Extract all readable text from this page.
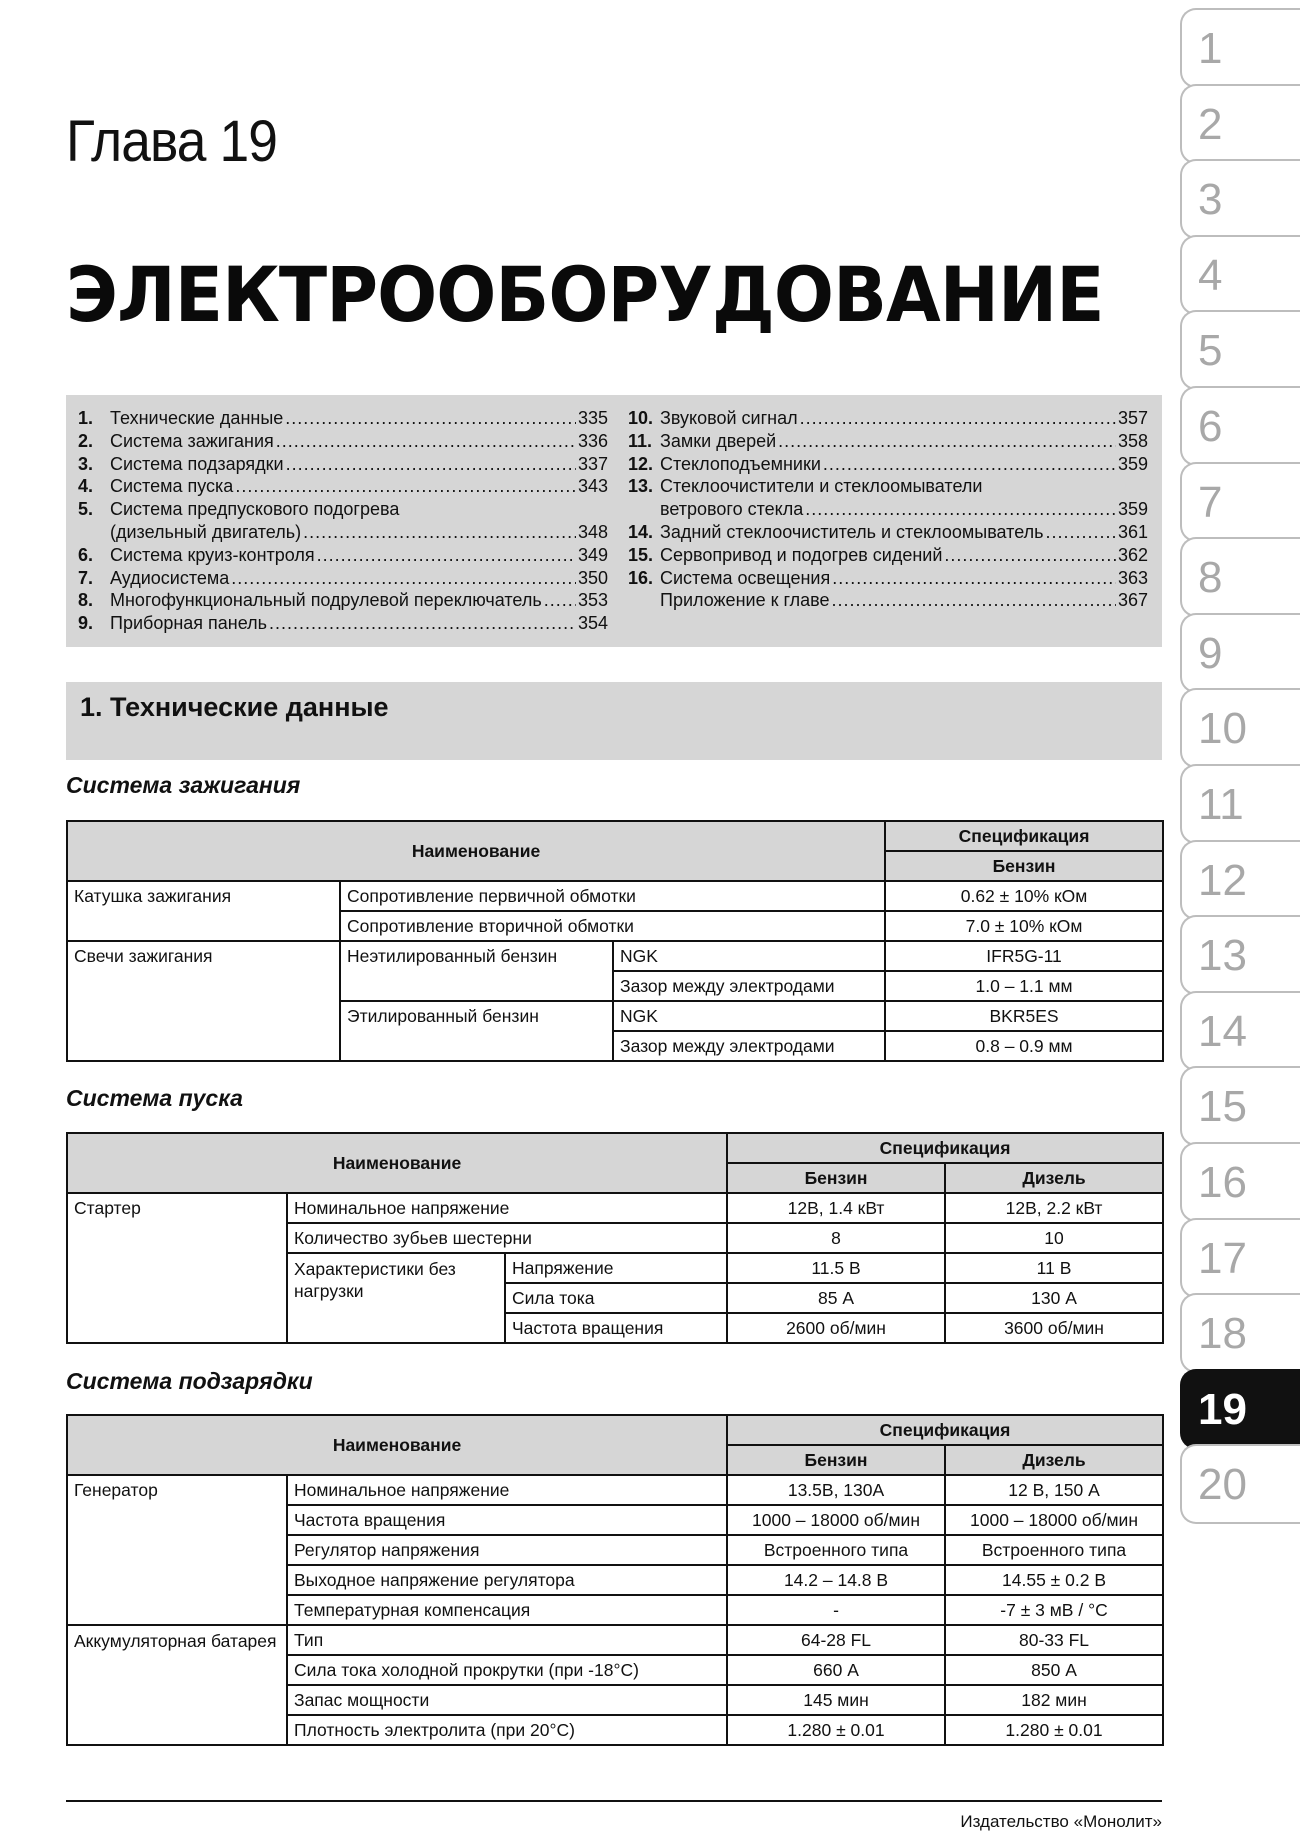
Глава 19
ЭЛЕКТРООБОРУДОВАНИЕ
1. Технические данные .....	335
2. Система зажигания .....	336
3. Система подзарядки .....	337
4. Система пуска .....	343
5. Система предпускового подогрева
(дизельный двигатель) .....	348
6. Система круиз-контроля .....	349
7. Аудиосистема .....	350
8. Многофункциональный подрулевой переключатель ..... 353
9. Приборная панель .....	354
10. Звуковой сигнал .....	357
11. Замки дверей .....	358
12. Стеклоподъемники .....	359
13. Стеклоочистители и стеклоомыватели
ветрового стекла .....	359
14. Задний стеклоочиститель и стеклоомыватель .....	361
15. Сервопривод и подогрев сидений .....	362
16. Система освещения .....	363
Приложение к главе .....	367
1. Технические данные
Система зажигания
Наименование			Спецификация
			Бензин
Катушка зажигания	Сопротивление первичной обмотки		0.62 ± 10% кОм
	Сопротивление вторичной обмотки		7.0 ± 10% кОм
Свечи зажигания	Неэтилированный бензин	NGK	IFR5G-11
		Зазор между электродами	1.0 – 1.1 мм
	Этилированный бензин	NGK	BKR5ES
		Зазор между электродами	0.8 – 0.9 мм
Система пуска
Наименование			Спецификация	
			Бензин	Дизель
Стартер	Номинальное напряжение		12В, 1.4 кВт	12В, 2.2 кВт
	Количество зубьев шестерни		8	10
	Характеристики без нагрузки	Напряжение	11.5 В	11 В
		Сила тока	85 А	130 А
		Частота вращения	2600 об/мин	3600 об/мин
Система подзарядки
Наименование		Спецификация	
		Бензин	Дизель
Генератор	Номинальное напряжение	13.5В, 130А	12 В, 150 А
	Частота вращения	1000 – 18000 об/мин	1000 – 18000 об/мин
	Регулятор напряжения	Встроенного типа	Встроенного типа
	Выходное напряжение регулятора	14.2 – 14.8 В	14.55 ± 0.2 В
	Температурная компенсация	-	-7 ± 3 мВ / °C
Аккумуляторная батарея	Тип	64-28 FL	80-33 FL
	Сила тока холодной прокрутки (при -18°C)	660 А	850 А
	Запас мощности	145 мин	182 мин
	Плотность электролита (при 20°C)	1.280 ± 0.01	1.280 ± 0.01
Издательство «Монолит»
1
2
3
4
5
6
7
8
9
10
11
12
13
14
15
16
17
18
19
20
